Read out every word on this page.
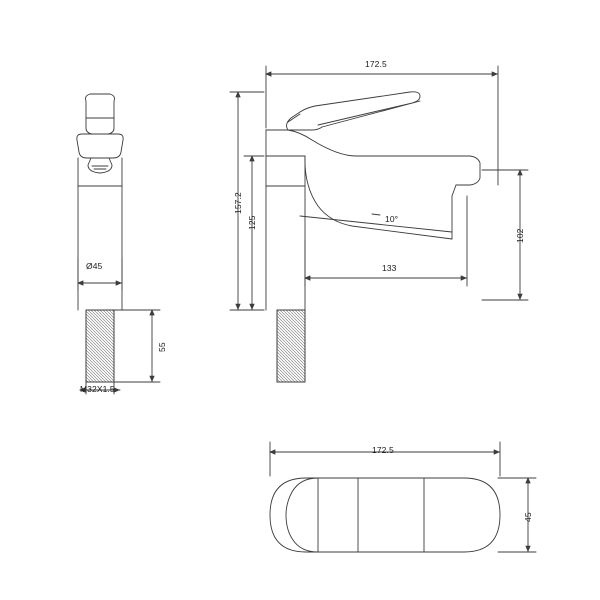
Ø45
55
M32X1.5
172.5
157.2
125
133
102
10°
172.5
45
